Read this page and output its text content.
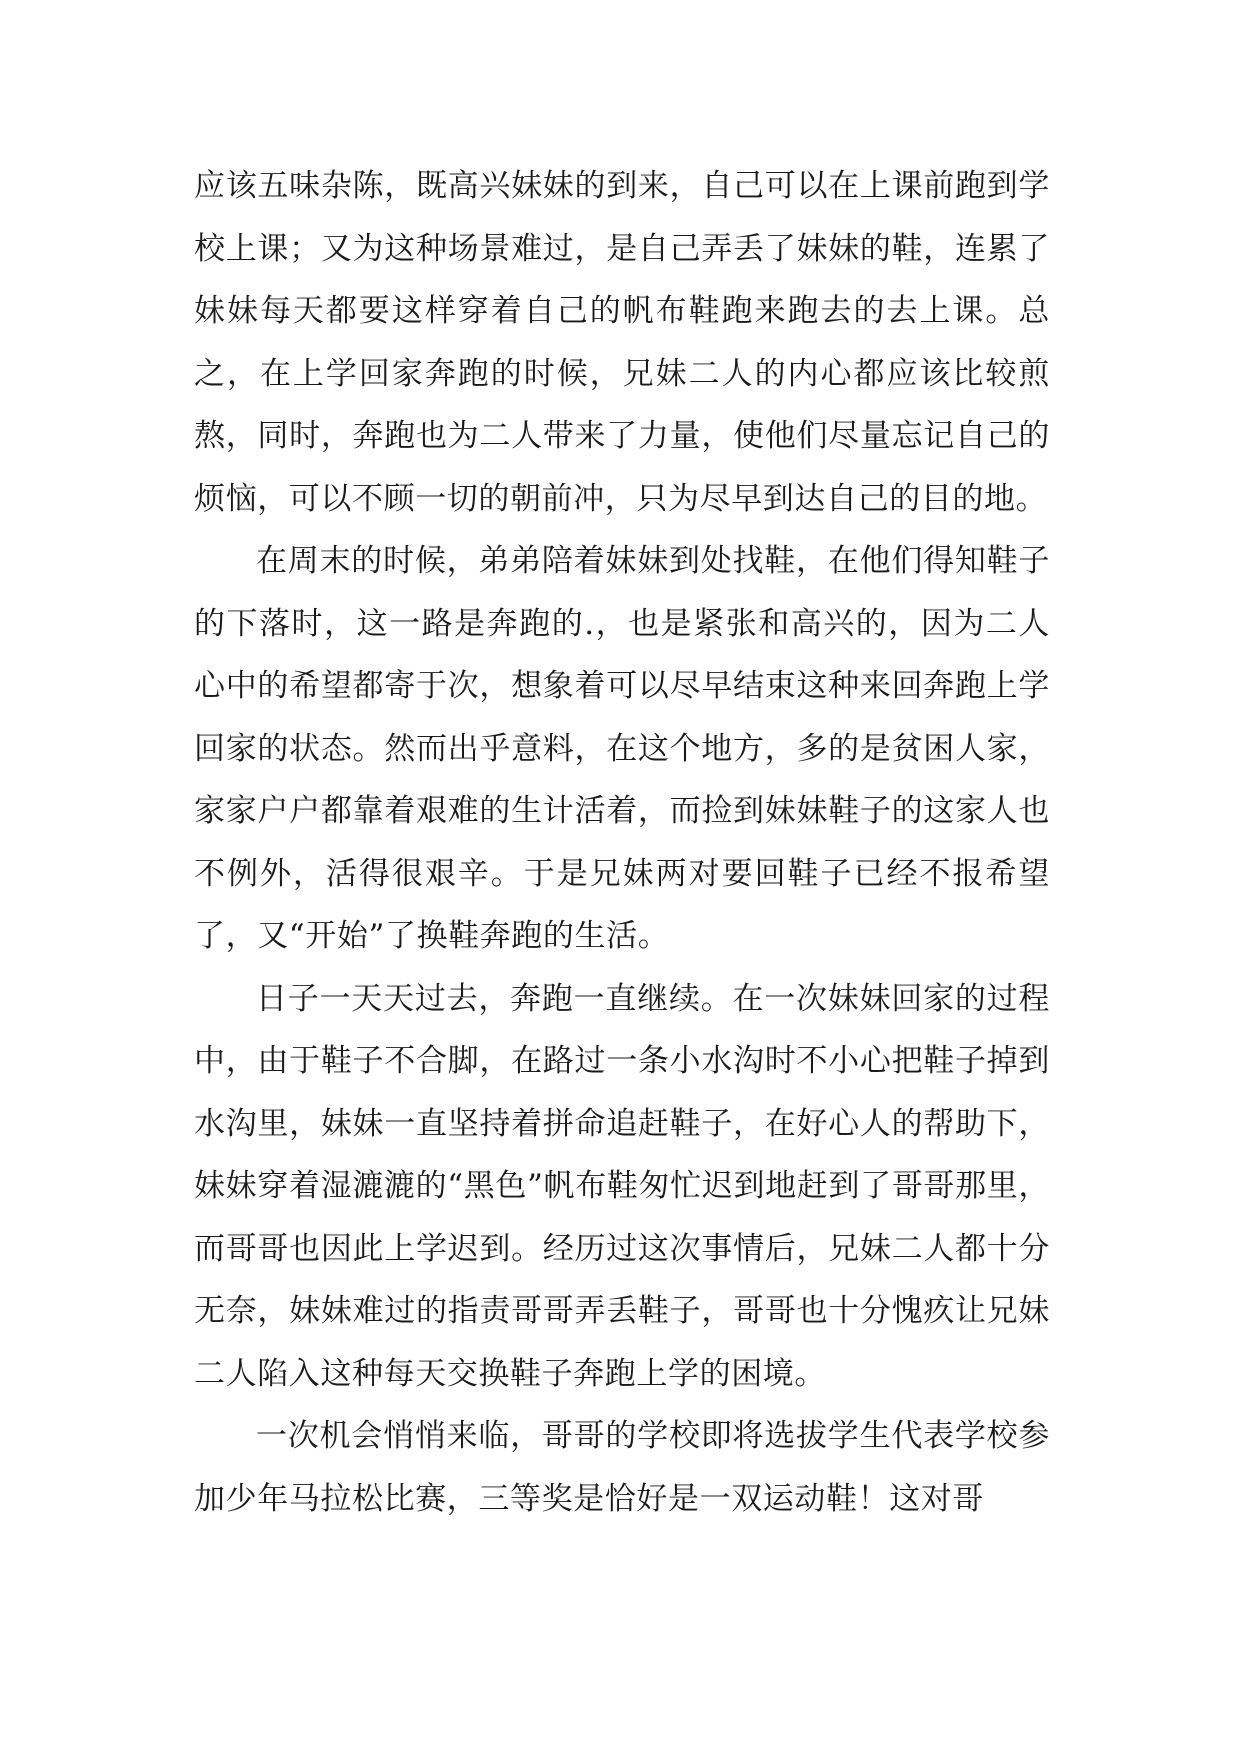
应该五味杂陈，既高兴妹妹的到来，自己可以在上课前跑到学校上课；又为这种场景难过，是自己弄丢了妹妹的鞋，连累了妹妹每天都要这样穿着自己的帆布鞋跑来跑去的去上课。总之，在上学回家奔跑的时候，兄妹二人的内心都应该比较煎熬，同时，奔跑也为二人带来了力量，使他们尽量忘记自己的烦恼，可以不顾一切的朝前冲，只为尽早到达自己的目的地。

在周末的时候，弟弟陪着妹妹到处找鞋，在他们得知鞋子的下落时，这一路是奔跑的.，也是紧张和高兴的，因为二人心中的希望都寄于次，想象着可以尽早结束这种来回奔跑上学回家的状态。然而出乎意料，在这个地方，多的是贫困人家，家家户户都靠着艰难的生计活着，而捡到妹妹鞋子的这家人也不例外，活得很艰辛。于是兄妹两对要回鞋子已经不报希望了，又“开始”了换鞋奔跑的生活。

日子一天天过去，奔跑一直继续。在一次妹妹回家的过程中，由于鞋子不合脚，在路过一条小水沟时不小心把鞋子掉到水沟里，妹妹一直坚持着拼命追赶鞋子，在好心人的帮助下，妹妹穿着湿漉漉的“黑色”帆布鞋匆忙迟到地赶到了哥哥那里，而哥哥也因此上学迟到。经历过这次事情后，兄妹二人都十分无奈，妹妹难过的指责哥哥弄丢鞋子，哥哥也十分愧疚让兄妹二人陷入这种每天交换鞋子奔跑上学的困境。

一次机会悄悄来临，哥哥的学校即将选拔学生代表学校参加少年马拉松比赛，三等奖是恰好是一双运动鞋！这对哥
